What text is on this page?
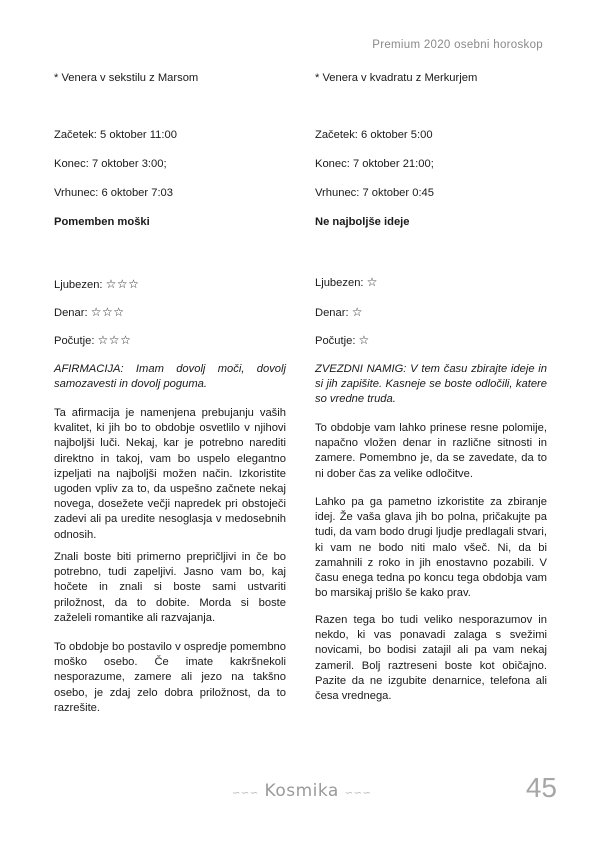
Premium 2020 osebni horoskop
* Venera v sekstilu z Marsom
Začetek: 5 oktober 11:00
Konec: 7 oktober 3:00;
Vrhunec: 6 oktober 7:03
Pomemben moški
Ljubezen: ☆☆☆
Denar: ☆☆☆
Počutje: ☆☆☆
AFIRMACIJA: Imam dovolj moči, dovolj samozavesti in dovolj poguma.
Ta afirmacija je namenjena prebujanju vaših kvalitet, ki jih bo to obdobje osvetlilo v njihovi najboljši luči. Nekaj, kar je potrebno narediti direktno in takoj, vam bo uspelo elegantno izpeljati na najboljši možen način. Izkoristite ugoden vpliv za to, da uspešno začnete nekaj novega, dosežete večji napredek pri obstoječi zadevi ali pa uredite nesoglasja v medosebnih odnosih.
Znali boste biti primerno prepričljivi in če bo potrebno, tudi zapeljivi. Jasno vam bo, kaj hočete in znali si boste sami ustvariti priložnost, da to dobite. Morda si boste zaželeli romantike ali razvajanja.
To obdobje bo postavilo v ospredje pomembno moško osebo. Če imate kakršnekoli nesporazume, zamere ali jezo na takšno osebo, je zdaj zelo dobra priložnost, da to razrešite.
* Venera v kvadratu z Merkurjem
Začetek: 6 oktober 5:00
Konec: 7 oktober 21:00;
Vrhunec: 7 oktober 0:45
Ne najboljše ideje
Ljubezen: ☆
Denar: ☆
Počutje: ☆
ZVEZDNI NAMIG: V tem času zbirajte ideje in si jih zapišite. Kasneje se boste odločili, katere so vredne truda.
To obdobje vam lahko prinese resne polomije, napačno vložen denar in različne sitnosti in zamere. Pomembno je, da se zavedate, da to ni dober čas za velike odločitve.
Lahko pa ga pametno izkoristite za zbiranje idej. Že vaša glava jih bo polna, pričakujte pa tudi, da vam bodo drugi ljudje predlagali stvari, ki vam ne bodo niti malo všeč. Ni, da bi zamahnili z roko in jih enostavno pozabili. V času enega tedna po koncu tega obdobja vam bo marsikaj prišlo še kako prav.
Razen tega bo tudi veliko nesporazumov in nekdo, ki vas ponavadi zalaga s svežimi novicami, bo bodisi zatajil ali pa vam nekaj zameril. Bolj raztreseni boste kot običajno. Pazite da ne izgubite denarnice, telefona ali česa vrednega.
∽∽∽ Kosmika ∽∽∽	45
